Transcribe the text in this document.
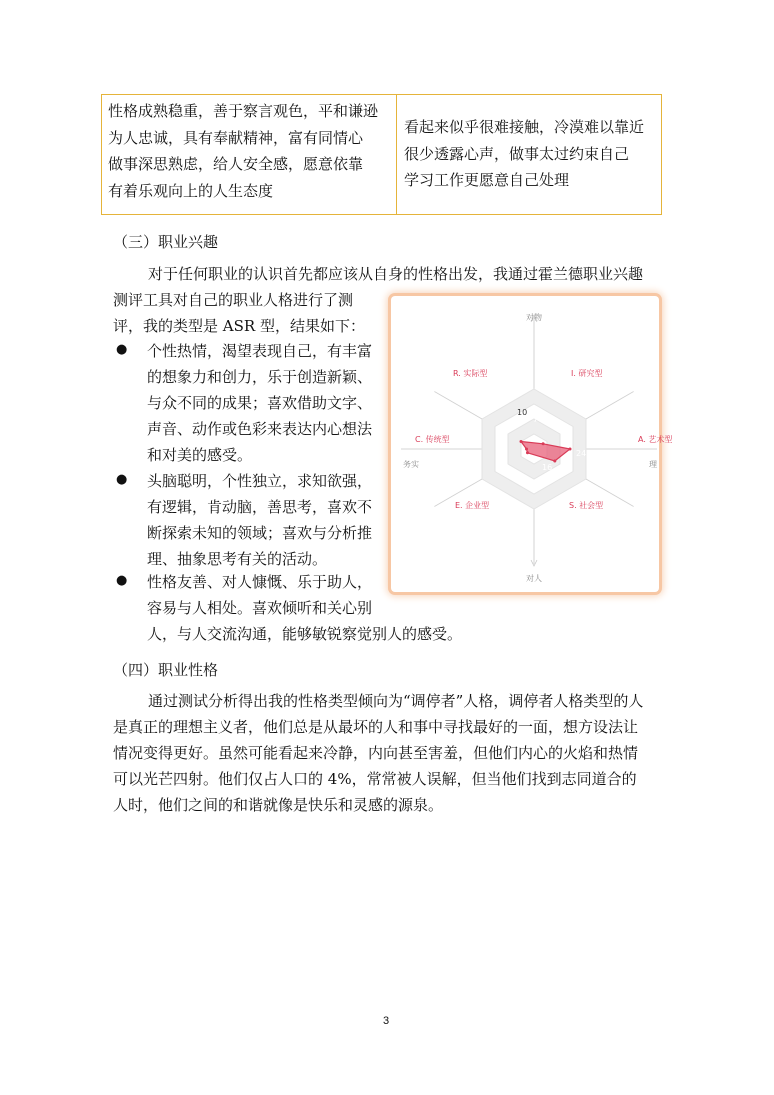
性格成熟稳重，善于察言观色，平和谦逊
为人忠诚，具有奉献精神，富有同情心
做事深思熟虑，给人安全感，愿意依靠
有着乐观向上的人生态度
看起来似乎很难接触，冷漠难以靠近
很少透露心声，做事太过约束自己
学习工作更愿意自己处理
（三）职业兴趣
对于任何职业的认识首先都应该从自身的性格出发，我通过霍兰德职业兴趣
测评工具对自己的职业人格进行了测
评，我的类型是 ASR 型，结果如下：
● 个性热情，渴望表现自己，有丰富
的想象力和创力，乐于创造新颖、
与众不同的成果；喜欢借助文字、
声音、动作或色彩来表达内心想法
和对美的感受。
● 头脑聪明，个性独立，求知欲强，
有逻辑，肯动脑，善思考，喜欢不
断探索未知的领域；喜欢与分析推
理、抽象思考有关的活动。
● 性格友善、对人慷慨、乐于助人，
容易与人相处。喜欢倾听和关心别
人，与人交流沟通，能够敏锐察觉别人的感受。
10
7
24
16
R. 实际型	I. 研究型
A. 艺术型
S. 社会型
E. 企业型
C. 传统型
对物
对人
务实	理
（四）职业性格
通过测试分析得出我的性格类型倾向为“调停者”人格，调停者人格类型的人
是真正的理想主义者，他们总是从最坏的人和事中寻找最好的一面，想方设法让
情况变得更好。虽然可能看起来冷静，内向甚至害羞，但他们内心的火焰和热情
可以光芒四射。他们仅占人口的 4%，常常被人误解，但当他们找到志同道合的
人时，他们之间的和谐就像是快乐和灵感的源泉。
3
